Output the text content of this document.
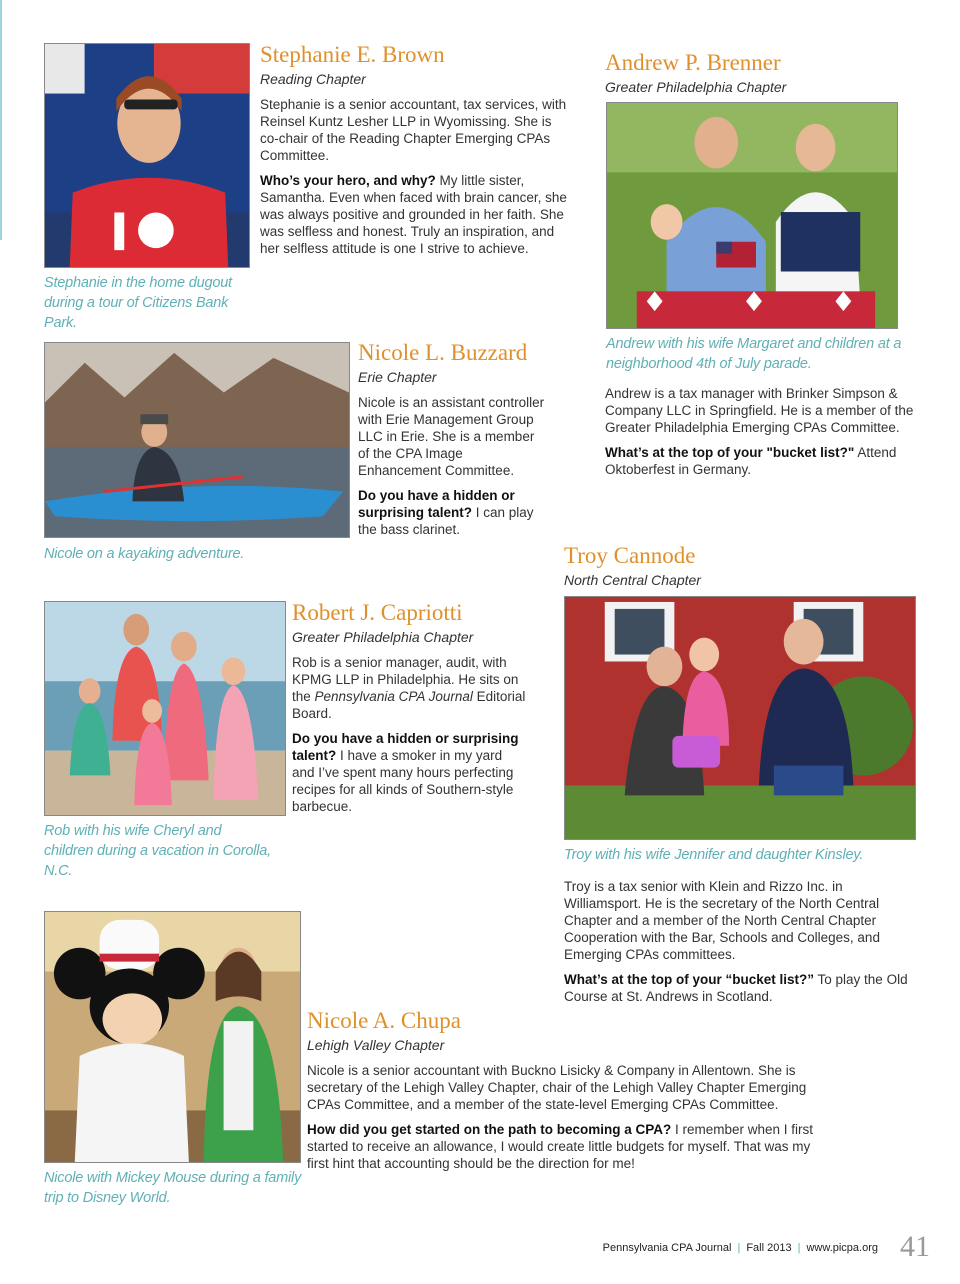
Stephanie in the home dugout during a tour of Citizens Bank Park.
Stephanie E. Brown
Reading Chapter

Stephanie is a senior accountant, tax services, with Reinsel Kuntz Lesher LLP in Wyomissing. She is co-chair of the Reading Chapter Emerging CPAs Committee.

Who’s your hero, and why? My little sister, Samantha. Even when faced with brain cancer, she was always positive and grounded in her faith. She was selfless and honest. Truly an inspiration, and her selfless attitude is one I strive to achieve.

Andrew P. Brenner
Greater Philadelphia Chapter
Andrew with his wife Margaret and children at a neighborhood 4th of July parade.

Andrew is a tax manager with Brinker Simpson & Company LLC in Springfield. He is a member of the Greater Philadelphia Emerging CPAs Committee.

What’s at the top of your "bucket list?" Attend Oktoberfest in Germany.

Nicole on a kayaking adventure.
Nicole L. Buzzard
Erie Chapter

Nicole is an assistant controller with Erie Management Group LLC in Erie. She is a member of the CPA Image Enhancement Committee.

Do you have a hidden or surprising talent? I can play the bass clarinet.

Troy Cannode
North Central Chapter
Troy with his wife Jennifer and daughter Kinsley.

Troy is a tax senior with Klein and Rizzo Inc. in Williamsport. He is the secretary of the North Central Chapter and a member of the North Central Chapter Cooperation with the Bar, Schools and Colleges, and Emerging CPAs committees.

What’s at the top of your “bucket list?” To play the Old Course at St. Andrews in Scotland.

Rob with his wife Cheryl and children during a vacation in Corolla, N.C.
Robert J. Capriotti
Greater Philadelphia Chapter

Rob is a senior manager, audit, with KPMG LLP in Philadelphia. He sits on the Pennsylvania CPA Journal Editorial Board.

Do you have a hidden or surprising talent? I have a smoker in my yard and I’ve spent many hours perfecting recipes for all kinds of Southern-style barbecue.

Nicole with Mickey Mouse during a family trip to Disney World.
Nicole A. Chupa
Lehigh Valley Chapter

Nicole is a senior accountant with Buckno Lisicky & Company in Allentown. She is secretary of the Lehigh Valley Chapter, chair of the Lehigh Valley Chapter Emerging CPAs Committee, and a member of the state-level Emerging CPAs Committee.

How did you get started on the path to becoming a CPA? I remember when I first started to receive an allowance, I would create little budgets for myself. That was my first hint that accounting should be the direction for me!

Pennsylvania CPA Journal | Fall 2013 | www.picpa.org 41
